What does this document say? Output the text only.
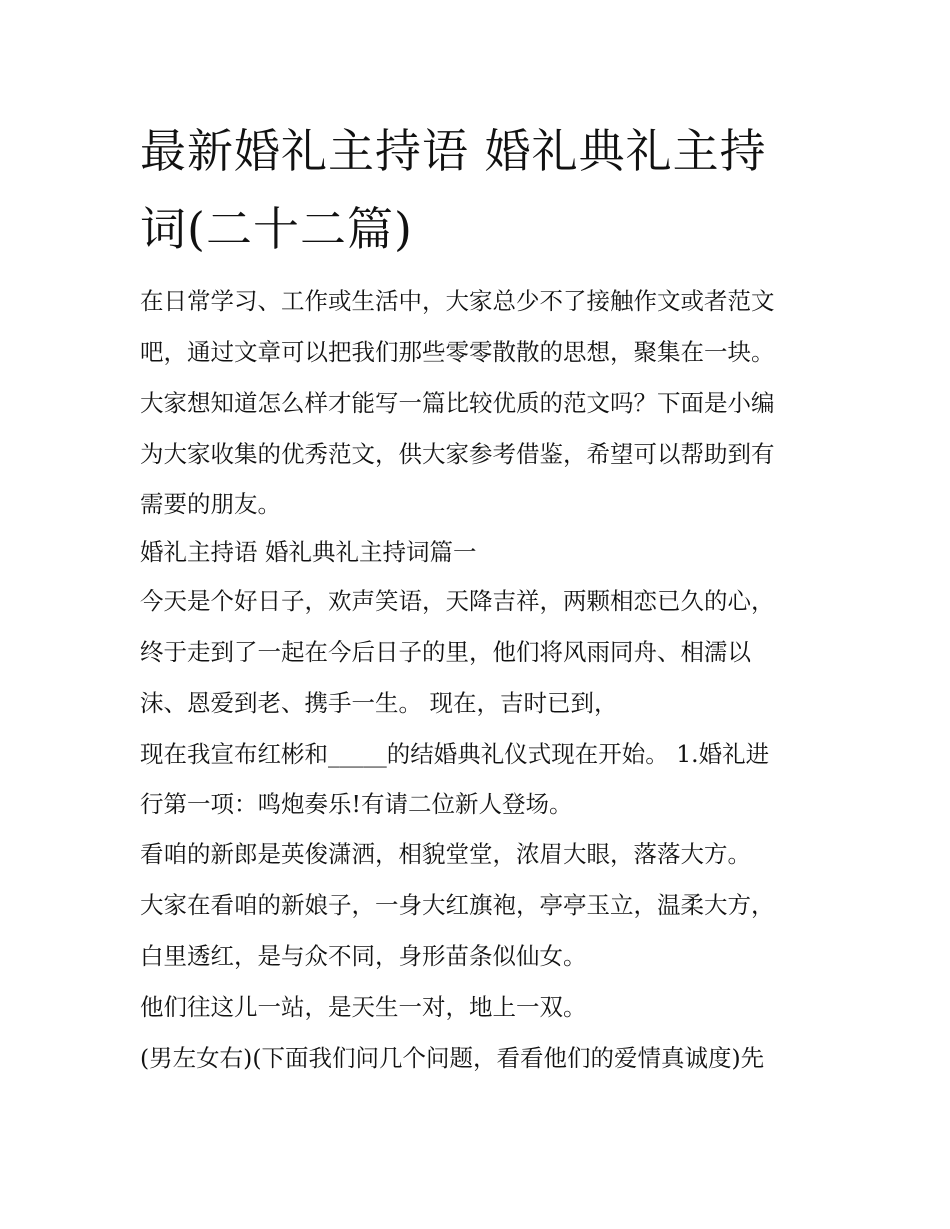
最新婚礼主持语 婚礼典礼主持
词(二十二篇)
在日常学习、工作或生活中，大家总少不了接触作文或者范文
吧，通过文章可以把我们那些零零散散的思想，聚集在一块。
大家想知道怎么样才能写一篇比较优质的范文吗？下面是小编
为大家收集的优秀范文，供大家参考借鉴，希望可以帮助到有
需要的朋友。
婚礼主持语 婚礼典礼主持词篇一
今天是个好日子，欢声笑语，天降吉祥，两颗相恋已久的心，
终于走到了一起在今后日子的里，他们将风雨同舟、相濡以
沫、恩爱到老、携手一生。 现在，吉时已到，
现在我宣布红彬和_____的结婚典礼仪式现在开始。 1.婚礼进
行第一项：鸣炮奏乐!有请二位新人登场。
看咱的新郎是英俊潇洒，相貌堂堂，浓眉大眼，落落大方。
大家在看咱的新娘子，一身大红旗袍，亭亭玉立，温柔大方，
白里透红，是与众不同，身形苗条似仙女。
他们往这儿一站，是天生一对，地上一双。
(男左女右)(下面我们问几个问题，看看他们的爱情真诚度)先
